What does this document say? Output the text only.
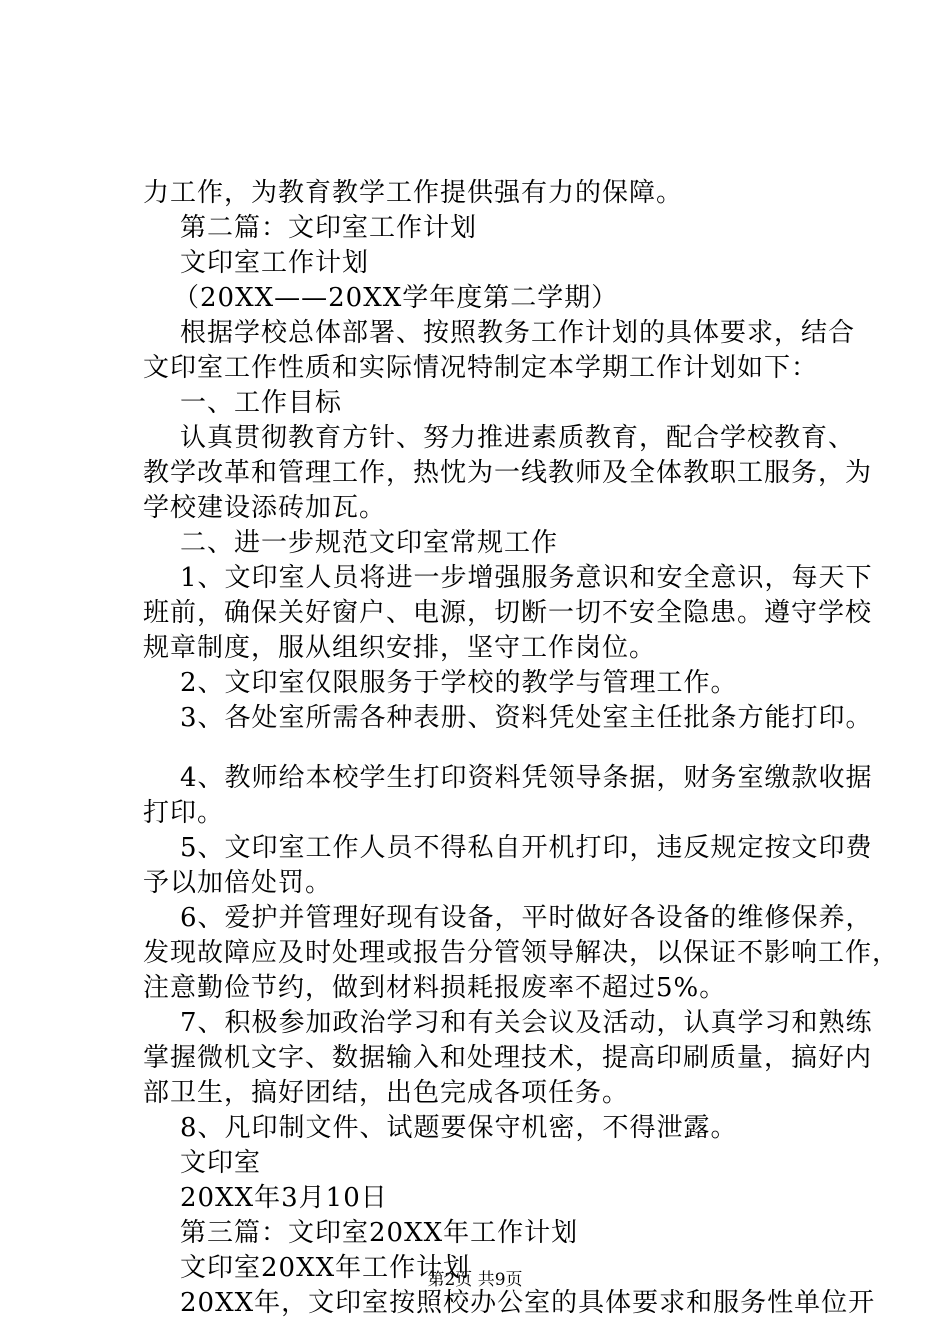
力工作，为教育教学工作提供强有力的保障。
第二篇：文印室工作计划
文印室工作计划
（20XX——20XX学年度第二学期）
根据学校总体部署、按照教务工作计划的具体要求，结合
文印室工作性质和实际情况特制定本学期工作计划如下：
一、工作目标
认真贯彻教育方针、努力推进素质教育，配合学校教育、
教学改革和管理工作，热忱为一线教师及全体教职工服务，为
学校建设添砖加瓦。
二、进一步规范文印室常规工作
1、文印室人员将进一步增强服务意识和安全意识，每天下
班前，确保关好窗户、电源，切断一切不安全隐患。遵守学校
规章制度，服从组织安排，坚守工作岗位。
2、文印室仅限服务于学校的教学与管理工作。
3、各处室所需各种表册、资料凭处室主任批条方能打印。
4、教师给本校学生打印资料凭领导条据，财务室缴款收据
打印。
5、文印室工作人员不得私自开机打印，违反规定按文印费
予以加倍处罚。
6、爱护并管理好现有设备，平时做好各设备的维修保养，
发现故障应及时处理或报告分管领导解决，以保证不影响工作，
注意勤俭节约，做到材料损耗报废率不超过5%。
7、积极参加政治学习和有关会议及活动，认真学习和熟练
掌握微机文字、数据输入和处理技术，提高印刷质量，搞好内
部卫生，搞好团结，出色完成各项任务。
8、凡印制文件、试题要保守机密，不得泄露。
文印室
20XX年3月10日
第三篇：文印室20XX年工作计划
文印室20XX年工作计划
20XX年，文印室按照校办公室的具体要求和服务性单位开
第2页 共9页
